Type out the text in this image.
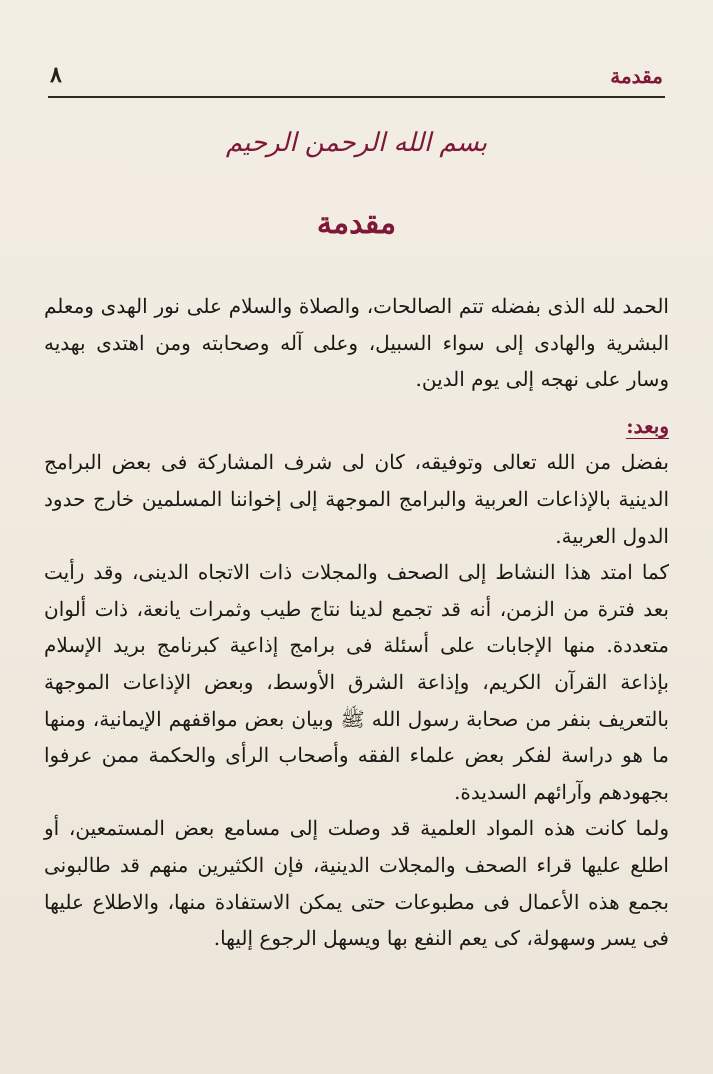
٨	مقدمة
بسم الله الرحمن الرحيم
مقدمة

الحمد لله الذى بفضله تتم الصالحات، والصلاة والسلام على نور الهدى ومعلم البشرية والهادى إلى سواء السبيل، وعلى آله وصحابته ومن اهتدى بهديه وسار على نهجه إلى يوم الدين.

وبعد:

بفضل من الله تعالى وتوفيقه، كان لى شرف المشاركة فى بعض البرامج الدينية بالإذاعات العربية والبرامج الموجهة إلى إخواننا المسلمين خارج حدود الدول العربية.

كما امتد هذا النشاط إلى الصحف والمجلات ذات الاتجاه الدينى، وقد رأيت بعد فترة من الزمن، أنه قد تجمع لدينا نتاج طيب وثمرات يانعة، ذات ألوان متعددة. منها الإجابات على أسئلة فى برامج إذاعية كبرنامج بريد الإسلام بإذاعة القرآن الكريم، وإذاعة الشرق الأوسط، وبعض الإذاعات الموجهة بالتعريف بنفر من صحابة رسول الله ﷺ وبيان بعض مواقفهم الإيمانية، ومنها ما هو دراسة لفكر بعض علماء الفقه وأصحاب الرأى والحكمة ممن عرفوا بجهودهم وآرائهم السديدة.

ولما كانت هذه المواد العلمية قد وصلت إلى مسامع بعض المستمعين، أو اطلع عليها قراء الصحف والمجلات الدينية، فإن الكثيرين منهم قد طالبونى بجمع هذه الأعمال فى مطبوعات حتى يمكن الاستفادة منها، والاطلاع عليها فى يسر وسهولة، كى يعم النفع بها ويسهل الرجوع إليها.
